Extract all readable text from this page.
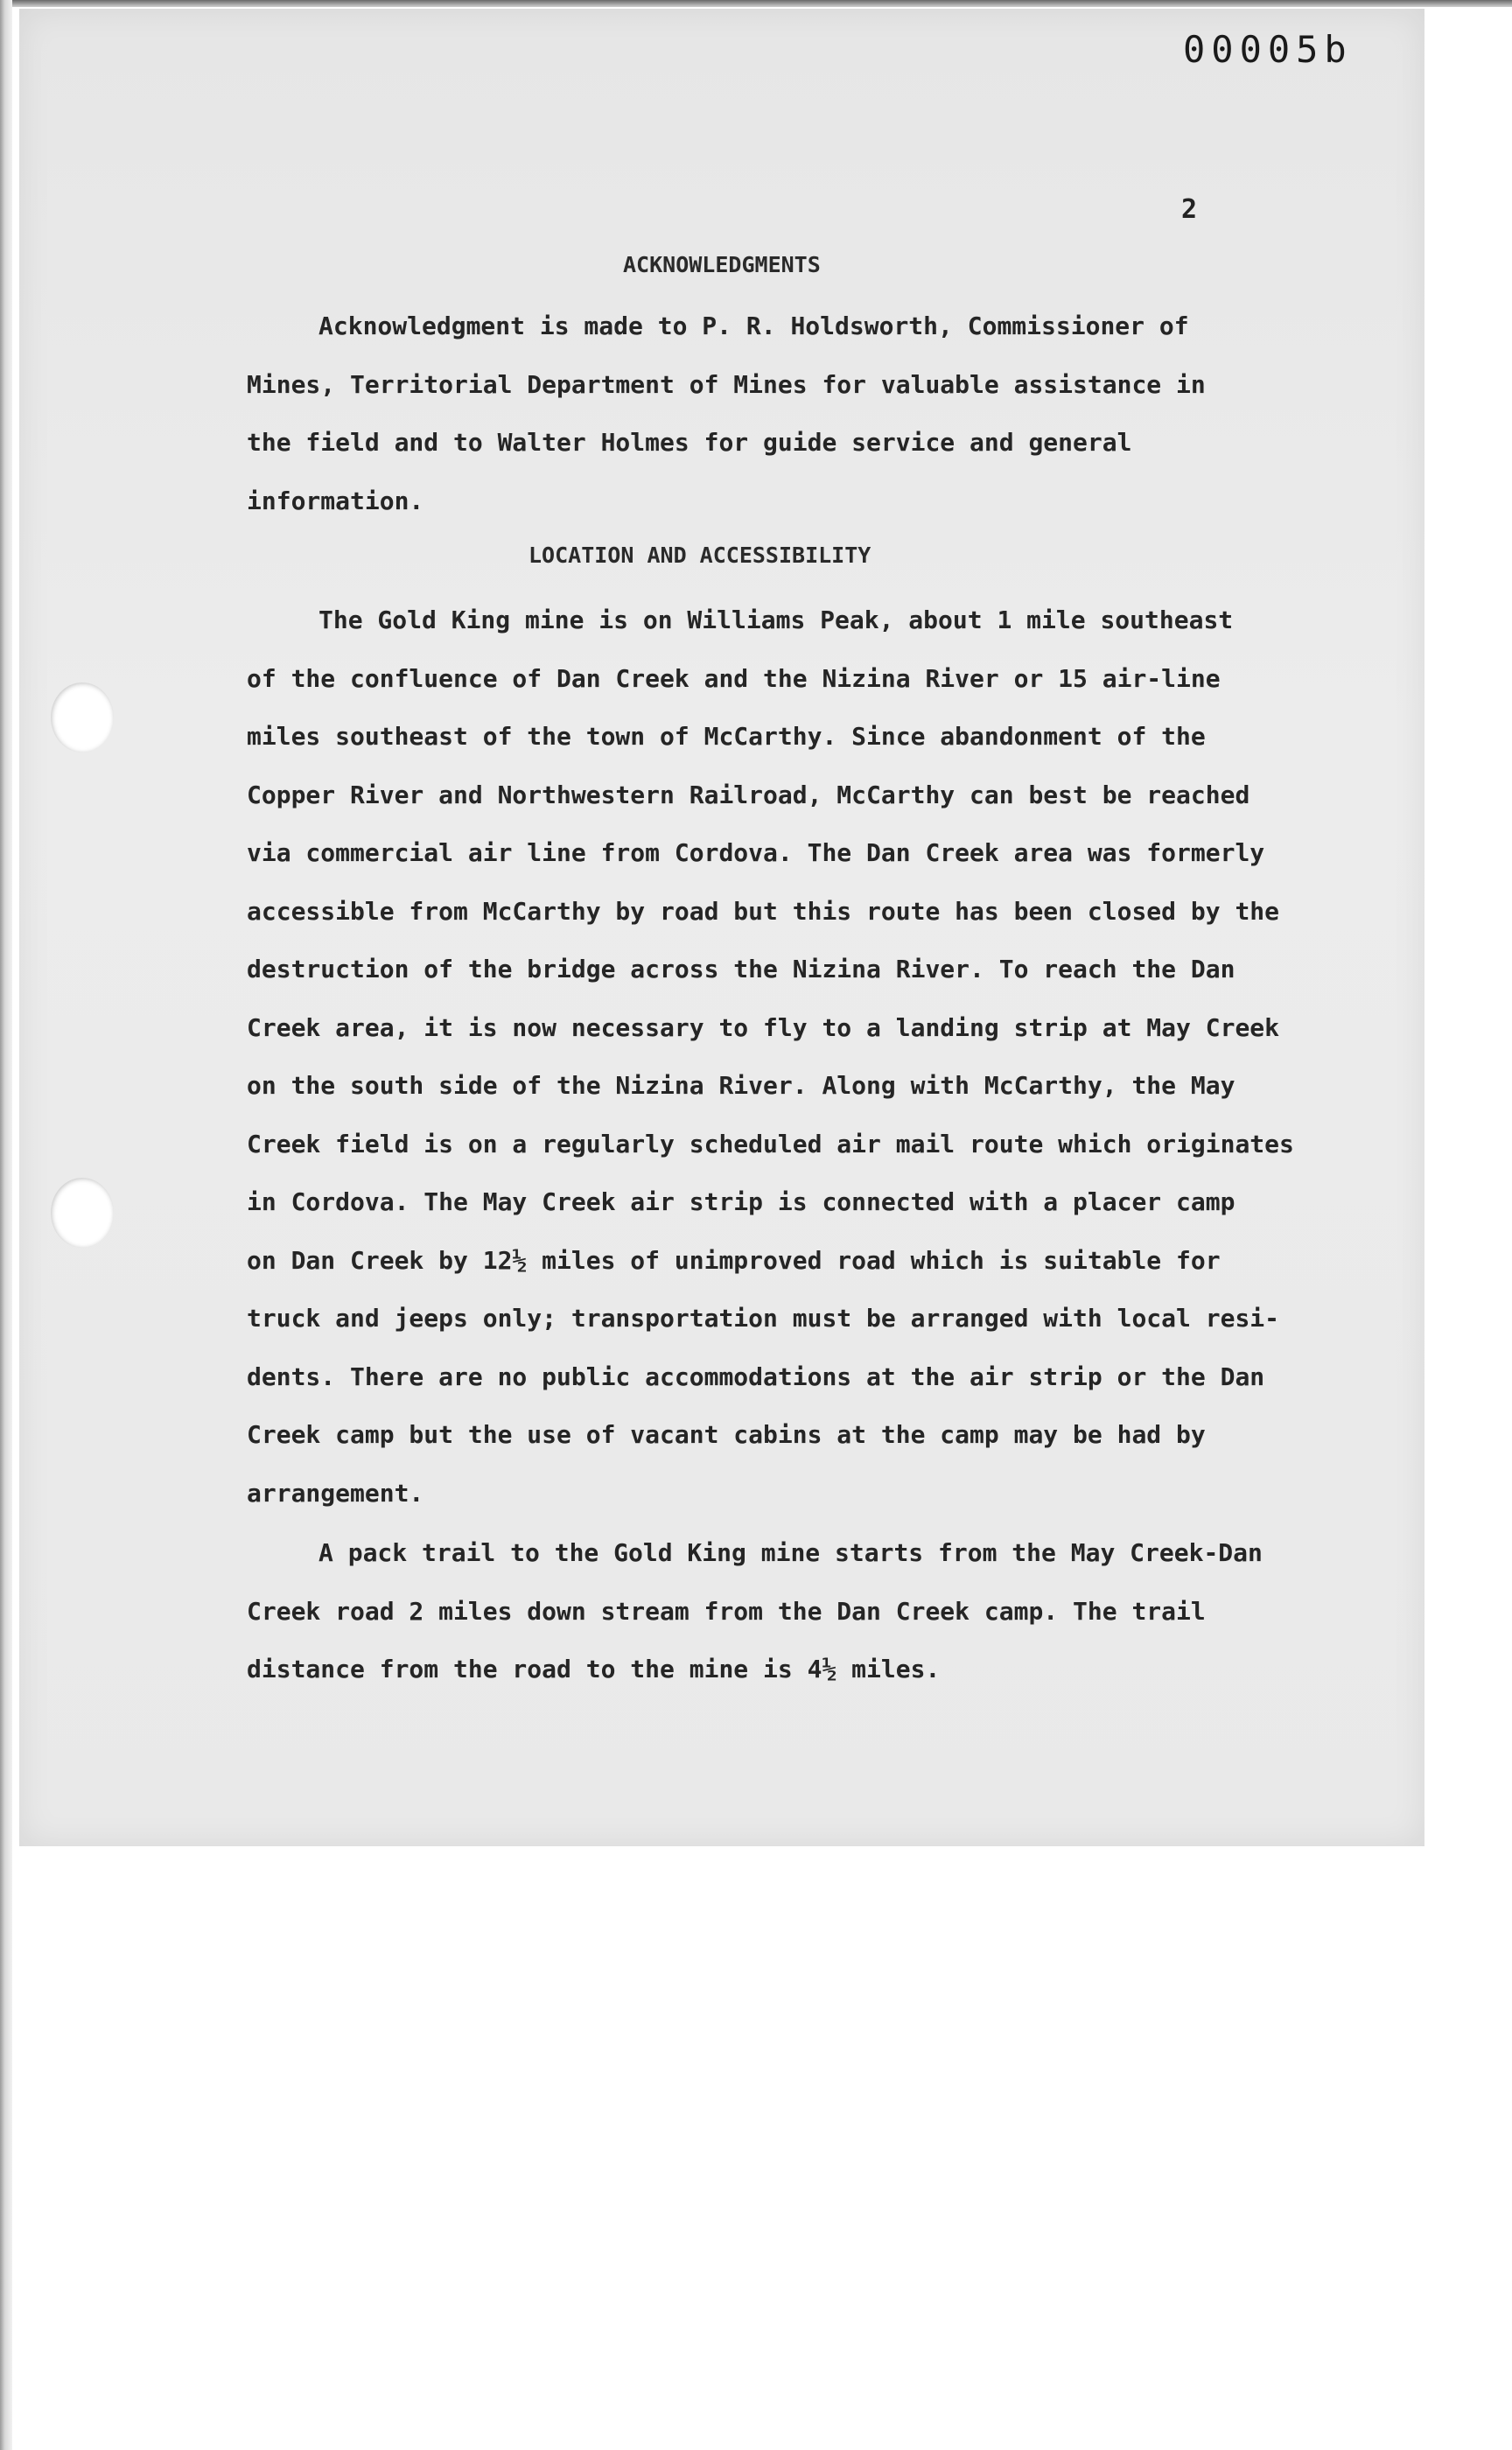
00005b
2
ACKNOWLEDGMENTS
Acknowledgment is made to P. R. Holdsworth, Commissioner of
Mines, Territorial Department of Mines for valuable assistance in
the field and to Walter Holmes for guide service and general
information.
LOCATION AND ACCESSIBILITY
The Gold King mine is on Williams Peak, about 1 mile southeast
of the confluence of Dan Creek and the Nizina River or 15 air-line
miles southeast of the town of McCarthy. Since abandonment of the
Copper River and Northwestern Railroad, McCarthy can best be reached
via commercial air line from Cordova. The Dan Creek area was formerly
accessible from McCarthy by road but this route has been closed by the
destruction of the bridge across the Nizina River. To reach the Dan
Creek area, it is now necessary to fly to a landing strip at May Creek
on the south side of the Nizina River. Along with McCarthy, the May
Creek field is on a regularly scheduled air mail route which originates
in Cordova. The May Creek air strip is connected with a placer camp
on Dan Creek by 12½ miles of unimproved road which is suitable for
truck and jeeps only; transportation must be arranged with local resi-
dents. There are no public accommodations at the air strip or the Dan
Creek camp but the use of vacant cabins at the camp may be had by
arrangement.
A pack trail to the Gold King mine starts from the May Creek-Dan
Creek road 2 miles down stream from the Dan Creek camp. The trail
distance from the road to the mine is 4½ miles.
